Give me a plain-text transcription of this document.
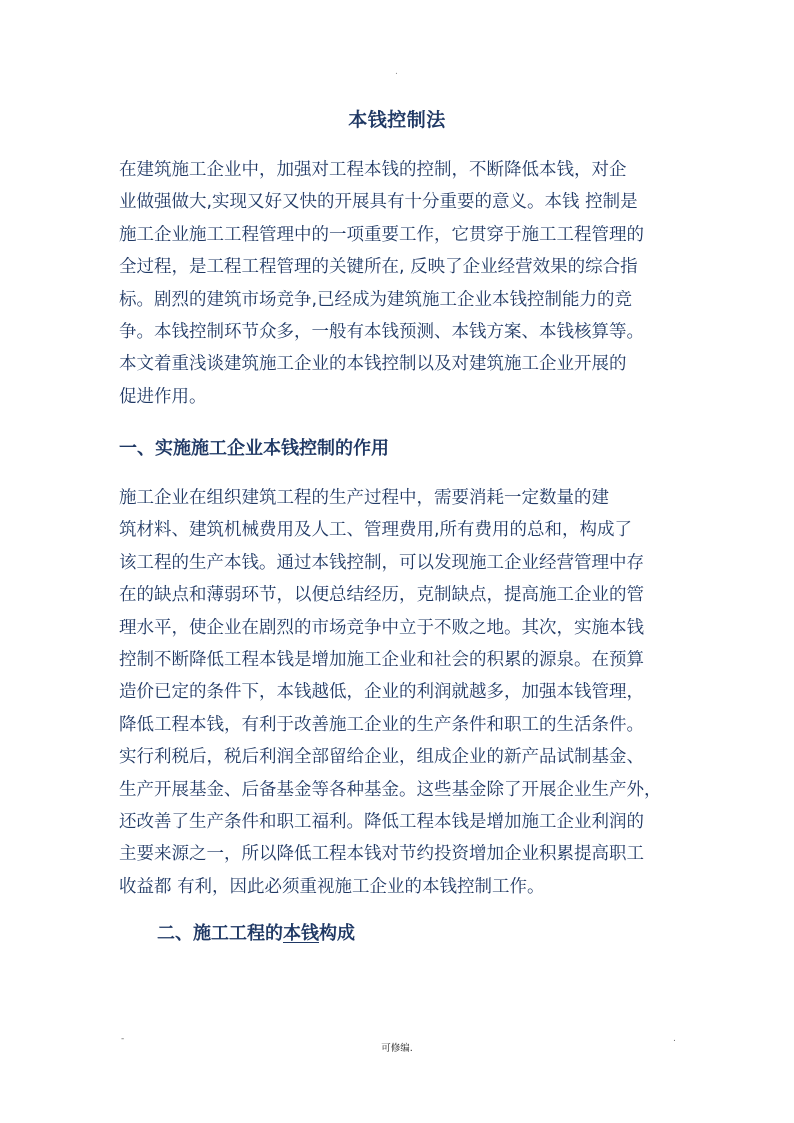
.
本钱控制法

在建筑施工企业中，加强对工程本钱的控制，不断降低本钱，对企
业做强做大,实现又好又快的开展具有十分重要的意义。本钱 控制是
施工企业施工工程管理中的一项重要工作，它贯穿于施工工程管理的
全过程，是工程工程管理的关键所在, 反映了企业经营效果的综合指
标。剧烈的建筑市场竞争,已经成为建筑施工企业本钱控制能力的竞
争。本钱控制环节众多，一般有本钱预测、本钱方案、本钱核算等。
本文着重浅谈建筑施工企业的本钱控制以及对建筑施工企业开展的
促进作用。

一、实施施工企业本钱控制的作用

施工企业在组织建筑工程的生产过程中，需要消耗一定数量的建
筑材料、建筑机械费用及人工、管理费用,所有费用的总和，构成了
该工程的生产本钱。通过本钱控制，可以发现施工企业经营管理中存
在的缺点和薄弱环节，以便总结经历，克制缺点，提高施工企业的管
理水平，使企业在剧烈的市场竞争中立于不败之地。其次，实施本钱
控制不断降低工程本钱是增加施工企业和社会的积累的源泉。在预算
造价已定的条件下，本钱越低，企业的利润就越多，加强本钱管理，
降低工程本钱，有利于改善施工企业的生产条件和职工的生活条件。
实行利税后，税后利润全部留给企业，组成企业的新产品试制基金、
生产开展基金、后备基金等各种基金。这些基金除了开展企业生产外，
还改善了生产条件和职工福利。降低工程本钱是增加施工企业利润的
主要来源之一，所以降低工程本钱对节约投资增加企业积累提高职工
收益都 有利，因此必须重视施工企业的本钱控制工作。

二、施工工程的本钱构成
-	.
可修编.
